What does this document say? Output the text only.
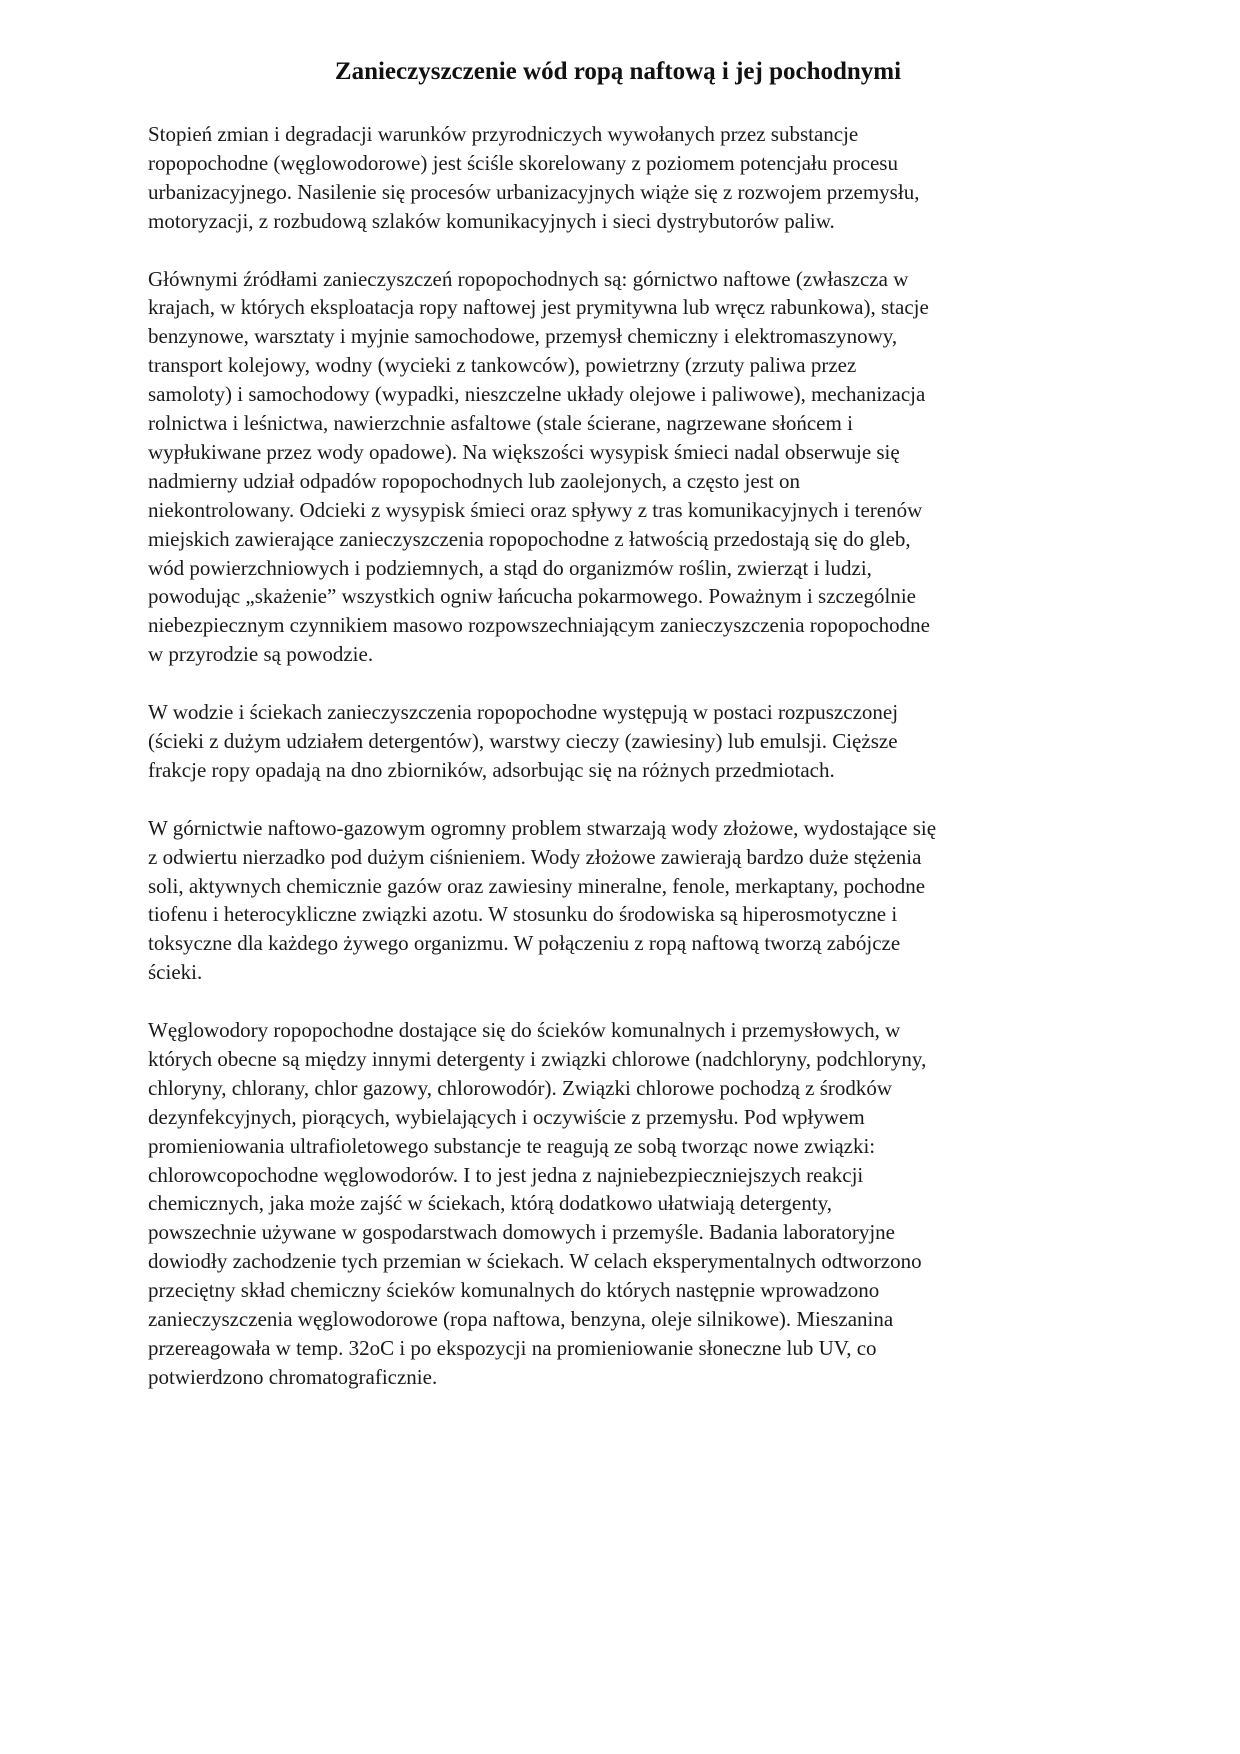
Zanieczyszczenie wód ropą naftową i jej pochodnymi

Stopień zmian i degradacji warunków przyrodniczych wywołanych przez substancje
ropopochodne (węglowodorowe) jest ściśle skorelowany z poziomem potencjału procesu
urbanizacyjnego. Nasilenie się procesów urbanizacyjnych wiąże się z rozwojem przemysłu,
motoryzacji, z rozbudową szlaków komunikacyjnych i sieci dystrybutorów paliw.

Głównymi źródłami zanieczyszczeń ropopochodnych są: górnictwo naftowe (zwłaszcza w
krajach, w których eksploatacja ropy naftowej jest prymitywna lub wręcz rabunkowa), stacje
benzynowe, warsztaty i myjnie samochodowe, przemysł chemiczny i elektromaszynowy,
transport kolejowy, wodny (wycieki z tankowców), powietrzny (zrzuty paliwa przez
samoloty) i samochodowy (wypadki, nieszczelne układy olejowe i paliwowe), mechanizacja
rolnictwa i leśnictwa, nawierzchnie asfaltowe (stale ścierane, nagrzewane słońcem i
wypłukiwane przez wody opadowe). Na większości wysypisk śmieci nadal obserwuje się
nadmierny udział odpadów ropopochodnych lub zaolejonych, a często jest on
niekontrolowany. Odcieki z wysypisk śmieci oraz spływy z tras komunikacyjnych i terenów
miejskich zawierające zanieczyszczenia ropopochodne z łatwością przedostają się do gleb,
wód powierzchniowych i podziemnych, a stąd do organizmów roślin, zwierząt i ludzi,
powodując „skażenie” wszystkich ogniw łańcucha pokarmowego. Poważnym i szczególnie
niebezpiecznym czynnikiem masowo rozpowszechniającym zanieczyszczenia ropopochodne
w przyrodzie są powodzie.

W wodzie i ściekach zanieczyszczenia ropopochodne występują w postaci rozpuszczonej
(ścieki z dużym udziałem detergentów), warstwy cieczy (zawiesiny) lub emulsji. Cięższe
frakcje ropy opadają na dno zbiorników, adsorbując się na różnych przedmiotach.

W górnictwie naftowo-gazowym ogromny problem stwarzają wody złożowe, wydostające się
z odwiertu nierzadko pod dużym ciśnieniem. Wody złożowe zawierają bardzo duże stężenia
soli, aktywnych chemicznie gazów oraz zawiesiny mineralne, fenole, merkaptany, pochodne
tiofenu i heterocykliczne związki azotu. W stosunku do środowiska są hiperosmotyczne i
toksyczne dla każdego żywego organizmu. W połączeniu z ropą naftową tworzą zabójcze
ścieki.

Węglowodory ropopochodne dostające się do ścieków komunalnych i przemysłowych, w
których obecne są między innymi detergenty i związki chlorowe (nadchloryny, podchloryny,
chloryny, chlorany, chlor gazowy, chlorowodór). Związki chlorowe pochodzą z środków
dezynfekcyjnych, piorących, wybielających i oczywiście z przemysłu. Pod wpływem
promieniowania ultrafioletowego substancje te reagują ze sobą tworząc nowe związki:
chlorowcopochodne węglowodorów. I to jest jedna z najniebezpieczniejszych reakcji
chemicznych, jaka może zajść w ściekach, którą dodatkowo ułatwiają detergenty,
powszechnie używane w gospodarstwach domowych i przemyśle. Badania laboratoryjne
dowiodły zachodzenie tych przemian w ściekach. W celach eksperymentalnych odtworzono
przeciętny skład chemiczny ścieków komunalnych do których następnie wprowadzono
zanieczyszczenia węglowodorowe (ropa naftowa, benzyna, oleje silnikowe). Mieszanina
przereagowała w temp. 32oC i po ekspozycji na promieniowanie słoneczne lub UV, co
potwierdzono chromatograficznie.
